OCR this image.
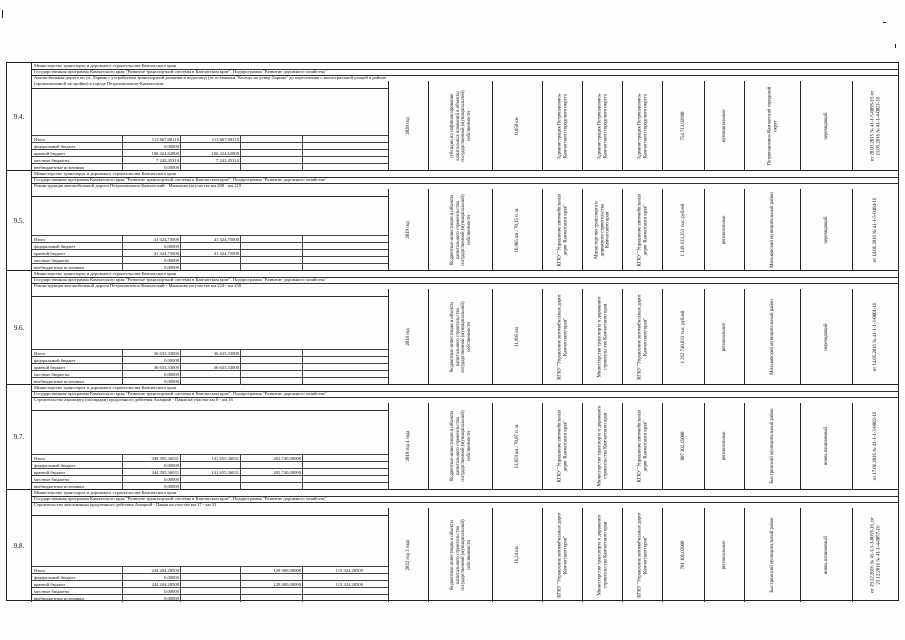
9.4.
Министерство транспорта и дорожного строительства Камчатского края
Государственная программа Камчатского края "Развитие транспортной системы в Камчатском крае", Подпрограмма "Развитие дорожного хозяйства"
Автомобильная дорога по ул. Ларина с устройством транспортной развязки и водоотвод (от остановки "Кольцо на улице Ларина" до пересечения с магистральной улицей в районе (промышленной застройки) в городе Петропавловске-Камчатском
2020 год	субсидии на софинансирование капитальных вложений в объекты государственной (муниципальной) собственности	0,850 км	Администрация Петропавловск-Камчатского городского округа	Администрация Петропавловск-Камчатского городского округа	Администрация Петропавловск-Камчатского городского округа	754 713,92600	муниципальные	Петропавловск-Камчатский городской округ	переходящий	от 28.03.2015 № 41-1-5-0095-15 от 11.05.2016 № 41-1-4-0021-16
Итого	113 667,08110	113 667,08110
федеральный бюджет	0,00000
краевой бюджет	106 424,62800	106 424,62800
местные бюджеты	7 242,45310	7 242,45310
внебюджетные источники	0,00000
9.5.
Министерство транспорта и дорожного строительства Камчатского края
Государственная программа Камчатского края "Развитие транспортной системы в Камчатском крае", Подпрограмма "Развитие дорожного хозяйства"
Реконструкция автомобильной дороги Петропавловск-Камчатский - Мильково на участке км 208 - км 219
2019 год	бюджетные инвестиции в объекты капитального строительства государственной (муниципальной) собственности	10,985 км / 70,15 п. м.	КГКУ "Управление автомобильных дорог Камчатского края"	Министерство транспорта и дорожного строительства Камчатского края	КГКУ "Управление автомобильных дорог Камчатского края"	1 149 633,351 тыс. рублей	региональные	Мильковский муниципальный район	переходящий	от 14.06.2016 № 41-1-5-0404-16
Итого	41 324,75000	41 324,75000
федеральный бюджет	0,00000
краевой бюджет	41 324,75000	41 324,75000
местные бюджеты	0,00000
внебюджетные источники	0,00000
9.6.
Министерство транспорта и дорожного строительства Камчатского края
Государственная программа Камчатского края "Развитие транспортной системы в Камчатском крае", Подпрограмма "Развитие дорожного хозяйства"
Реконструкция автомобильной дороги Петропавловск-Камчатский - Мильково на участке км 224 - км 230
2018 год	бюджетные инвестиции в объекты капитального строительства государственной (муниципальной) собственности	11,995 км	КГКУ "Управление автомобильных дорог Камчатского края"	Министерство транспорта и дорожного строительства Камчатского края	КГКУ "Управление автомобильных дорог Камчатского края"	1 262 740,031 тыс. рублей	региональные	Мильковский муниципальный район	переходящий	от 14.05.2016 № 41-1-1-3-0001-16
Итого	36 633,33000	36 633,33000
федеральный бюджет	0,00000
краевой бюджет	36 633,33000	36 633,33000
местные бюджеты	0,00000
внебюджетные источники	0,00000
9.7.
Министерство транспорта и дорожного строительства Камчатского края
Государственная программа Камчатского края "Развитие транспортной системы в Камчатском крае", Подпрограмма "Развитие дорожного хозяйства"
Строительство аэропорта (площадки) продленного действия Апацкий - Паяна на участке км 0 - км 16
2019 год 4 года	бюджетные инвестиции в объекты капитального строительства государственной (муниципальной) собственности	13,859 км / 70,07 п. м.	КГКУ "Управление автомобильных дорог Камчатского края"	Министерство транспорта и дорожного строительства Камчатского края	КГКУ "Управление автомобильных дорог Камчатского края"	807 302,45000	региональные	Быстринский муниципальный район	вновь начинаемый	от 17.06.2016 № 41-1-1-3-0002-16
Итого	349 395,36031	141 655,36031	202 740,00000
федеральный бюджет	0,00000
краевой бюджет	344 395,36031	141 655,36031	202 740,00000
местные бюджеты	0,00000
внебюджетные источники	0,00000
9.8.
Министерство транспорта и дорожного строительства Камчатского края
Государственная программа Камчатского края "Развитие транспортной системы в Камчатском крае", Подпрограмма "Развитие дорожного хозяйства"
Строительство автозимника продленного действия Апацкий - Паяна на участке км 17 - км 33
2022 год 3 года	бюджетные инвестиции в объекты капитального строительства государственной (муниципальной) собственности	16,24 км	КГКУ "Управление автомобильных дорог Камчатского края"	Министерство транспорта и дорожного строительства Камчатского края	КГКУ "Управление автомобильных дорог Камчатского края"	701 101,02800	региональные	Быстринский муниципальный район	вновь начинаемый	от 19.12.2016 № 41-1-1-3-0059-16, от 23.12.2016 № 41-1-4-0057-16
Итого	244 204,28500	129 000,00000	115 324,28500
федеральный бюджет	0,00000
краевой бюджет	244 204,28500	129 000,00000	115 324,28500
местные бюджеты	0,00000
внебюджетные источники	0,00000
